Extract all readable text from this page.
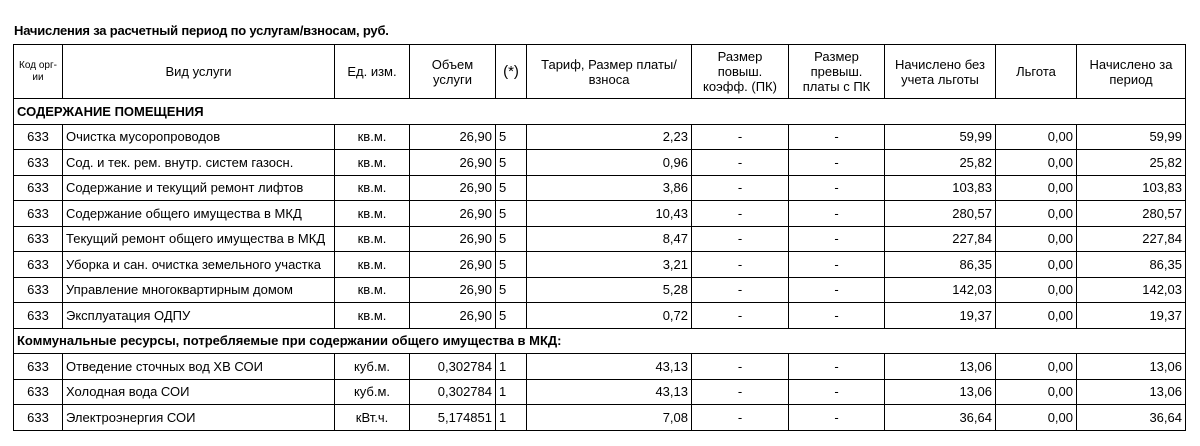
Начисления за расчетный период по услугам/взносам, руб.
Код орг-ии	Вид услуги	Ед. изм.	Объем услуги	(*)	Тариф, Размер платы/взноса	Размер повыш. коэфф. (ПК)	Размер превыш. платы с ПК	Начислено без учета льготы	Льгота	Начислено за период
СОДЕРЖАНИЕ ПОМЕЩЕНИЯ										
633	Очистка мусоропроводов	кв.м.	26,90	5	2,23	-	-	59,99	0,00	59,99
633	Сод. и тек. рем. внутр. систем газосн.	кв.м.	26,90	5	0,96	-	-	25,82	0,00	25,82
633	Содержание и текущий ремонт лифтов	кв.м.	26,90	5	3,86	-	-	103,83	0,00	103,83
633	Содержание общего имущества в МКД	кв.м.	26,90	5	10,43	-	-	280,57	0,00	280,57
633	Текущий ремонт общего имущества в МКД	кв.м.	26,90	5	8,47	-	-	227,84	0,00	227,84
633	Уборка и сан. очистка земельного участка	кв.м.	26,90	5	3,21	-	-	86,35	0,00	86,35
633	Управление многоквартирным домом	кв.м.	26,90	5	5,28	-	-	142,03	0,00	142,03
633	Эксплуатация ОДПУ	кв.м.	26,90	5	0,72	-	-	19,37	0,00	19,37
Коммунальные ресурсы, потребляемые при содержании общего имущества в МКД:										
633	Отведение сточных вод ХВ СОИ	куб.м.	0,302784	1	43,13	-	-	13,06	0,00	13,06
633	Холодная вода СОИ	куб.м.	0,302784	1	43,13	-	-	13,06	0,00	13,06
633	Электроэнергия СОИ	кВт.ч.	5,174851	1	7,08	-	-	36,64	0,00	36,64
